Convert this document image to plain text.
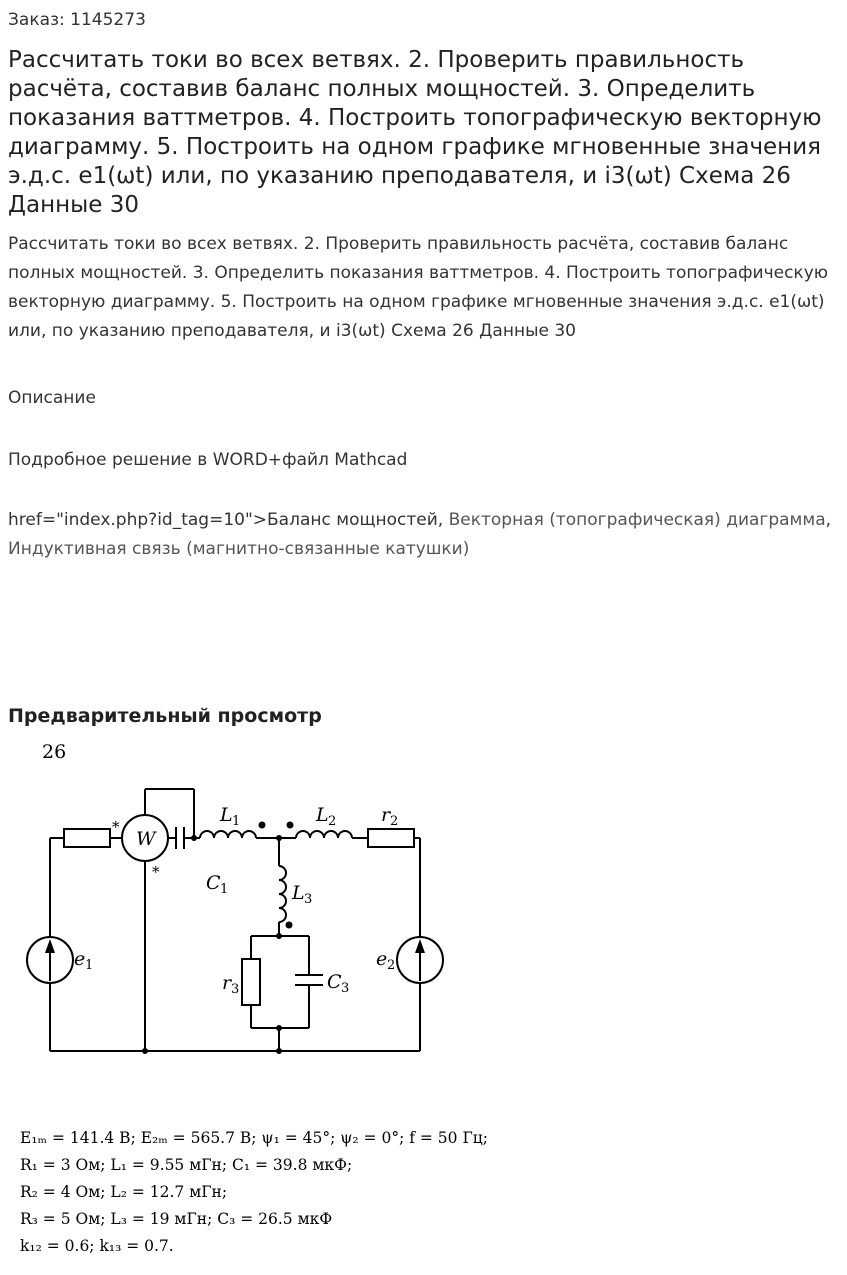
Заказ: 1145273
Рассчитать токи во всех ветвях. 2. Проверить правильность расчёта, составив баланс полных мощностей. 3. Определить показания ваттметров. 4. Построить топографическую векторную диаграмму. 5. Построить на одном графике мгновенные значения э.д.с. e1(ωt) или, по указанию преподавателя, и i3(ωt) Схема 26 Данные 30
Рассчитать токи во всех ветвях. 2. Проверить правильность расчёта, составив баланс полных мощностей. 3. Определить показания ваттметров. 4. Построить топографическую векторную диаграмму. 5. Построить на одном графике мгновенные значения э.д.с. e1(ωt) или, по указанию преподавателя, и i3(ωt) Схема 26 Данные 30
Описание
Подробное решение в WORD+файл Mathcad
href="index.php?id_tag=10">Баланс мощностей, Векторная (топографическая) диаграмма, Индуктивная связь (магнитно-связанные катушки)
Предварительный просмотр
26
W
*
*
L 1	L 2 r 2
C 1	L 3
e 1	e 2
r 3	C 3
E₁ₘ = 141.4 В; E₂ₘ = 565.7 В; ψ₁ = 45°; ψ₂ = 0°; f = 50 Гц;
R₁ = 3 Ом; L₁ = 9.55 мГн; C₁ = 39.8 мкФ;
R₂ = 4 Ом; L₂ = 12.7 мГн;
R₃ = 5 Ом; L₃ = 19 мГн; C₃ = 26.5 мкФ
k₁₂ = 0.6; k₁₃ = 0.7.
